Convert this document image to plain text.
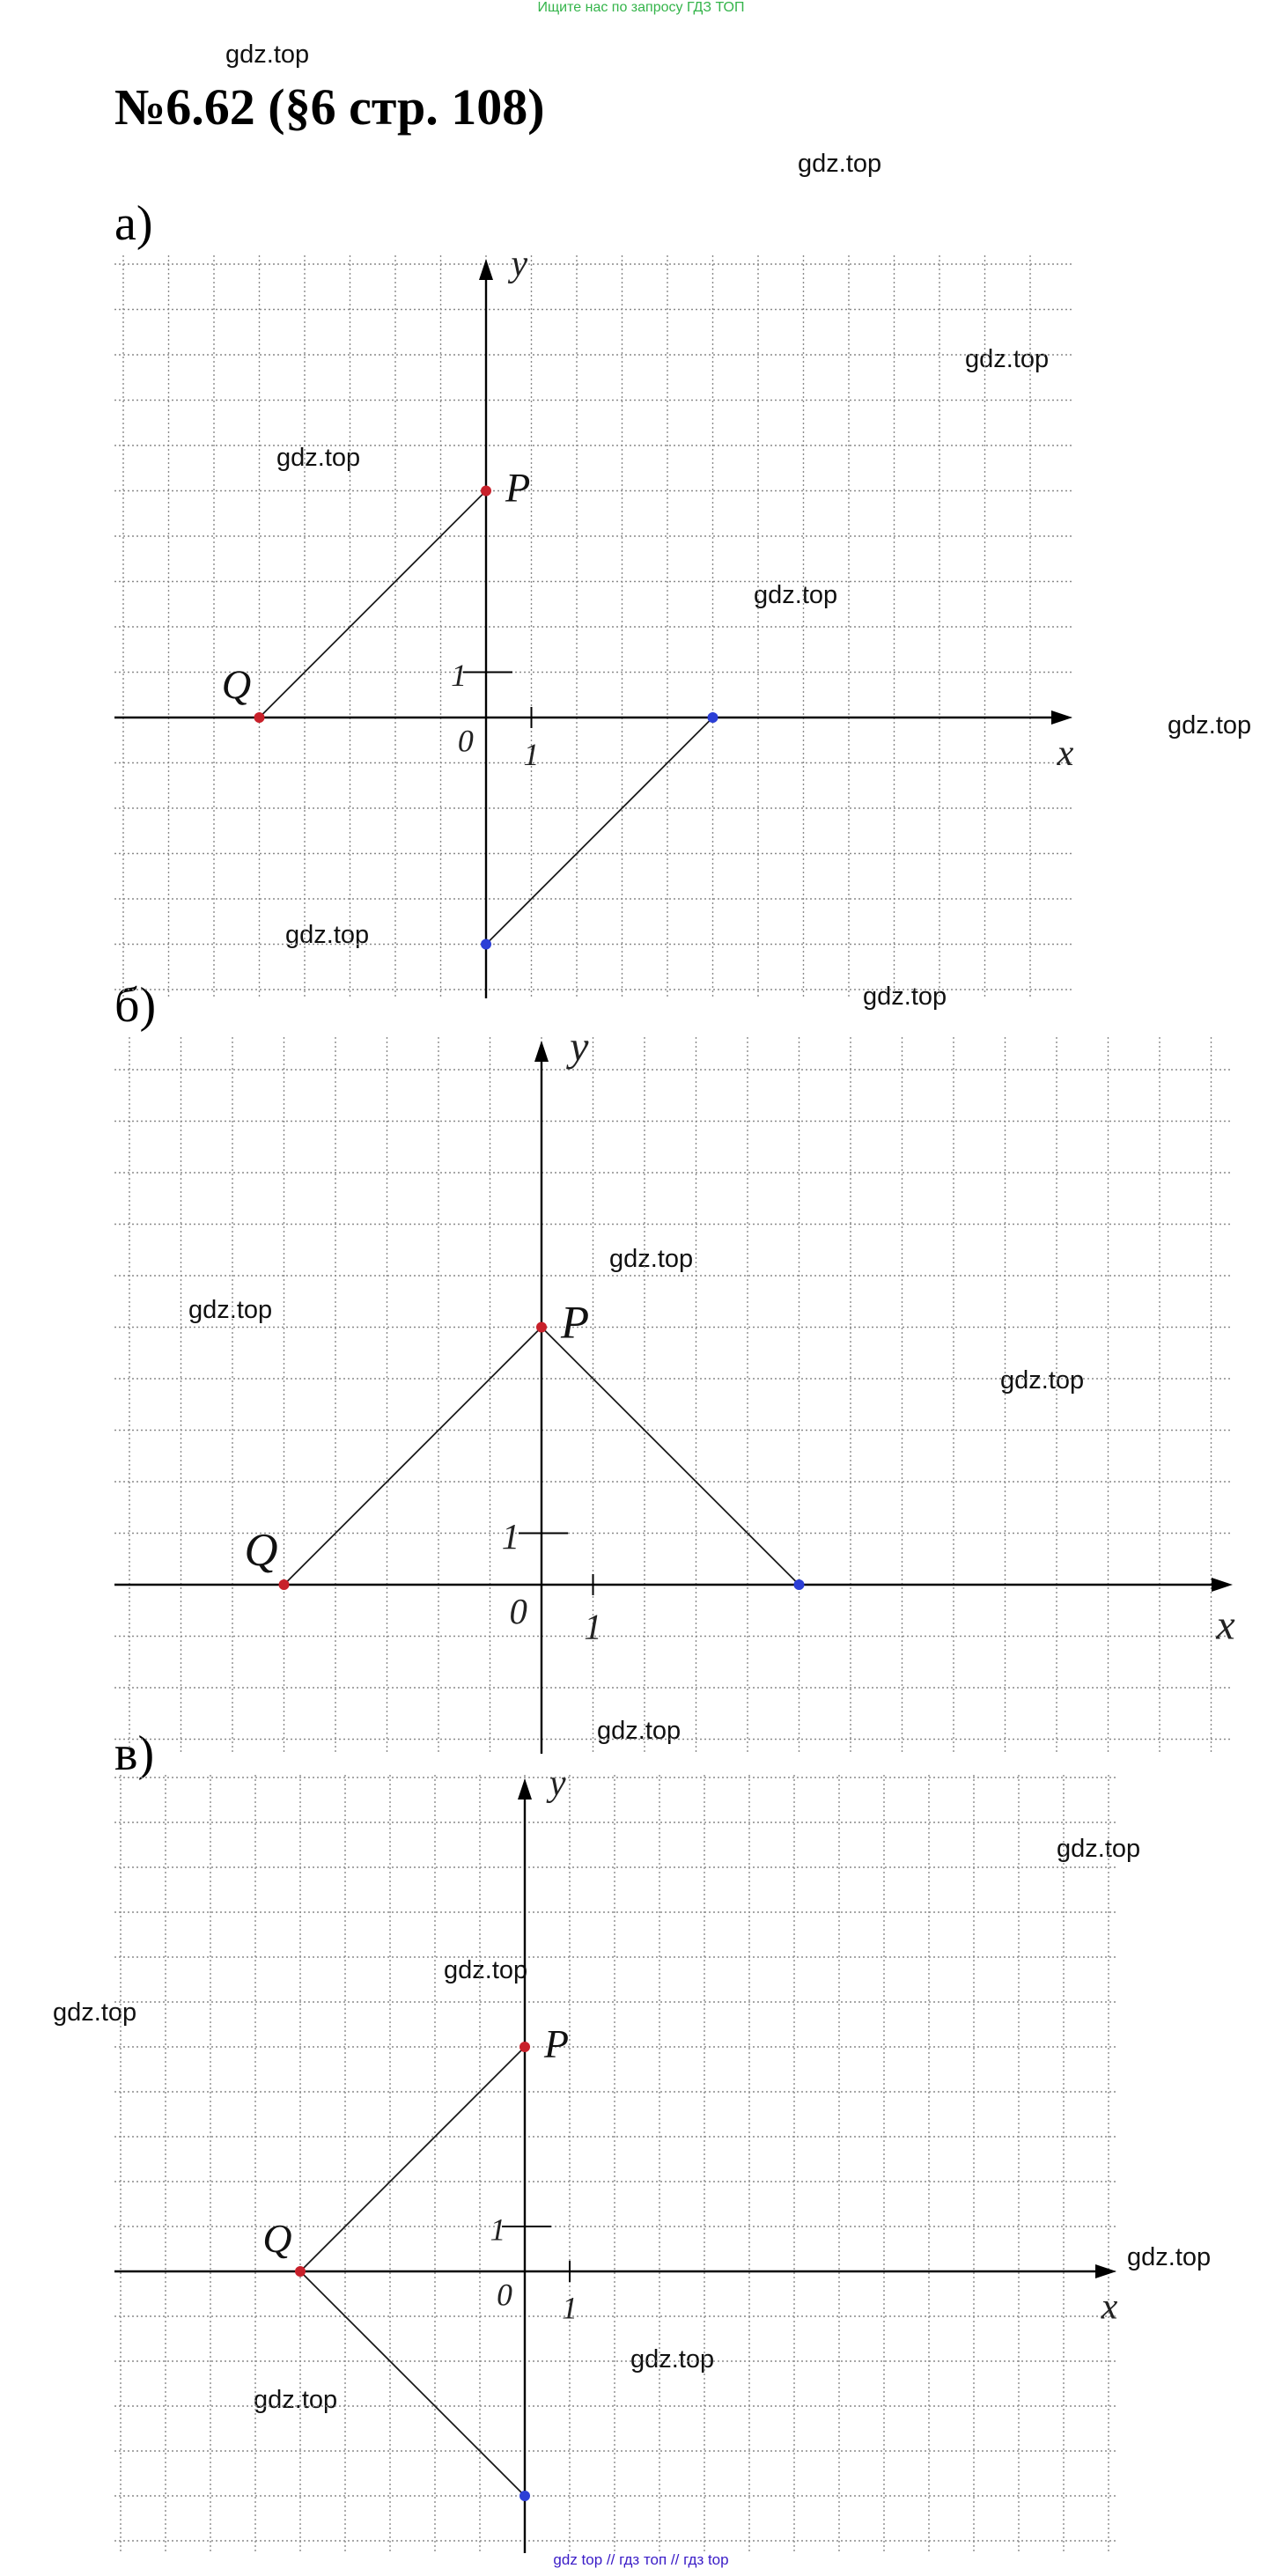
Ищите нас по запросу ГДЗ ТОП
№6.62 (§6 стр. 108)
а)
б)
в)
gdz.top
gdz.top
gdz.top
gdz.top
gdz.top
gdz.top
gdz.top
gdz.top
gdz.top
gdz.top
gdz.top
gdz.top
gdz.top
gdz.top
gdz.top
gdz.top
gdz.top
gdz.top
x
y
0 1
1
P
Q
x
y
0 1
1
P
Q
x
y
0 1
1
P
Q
gdz top // гдз топ // гдз top
